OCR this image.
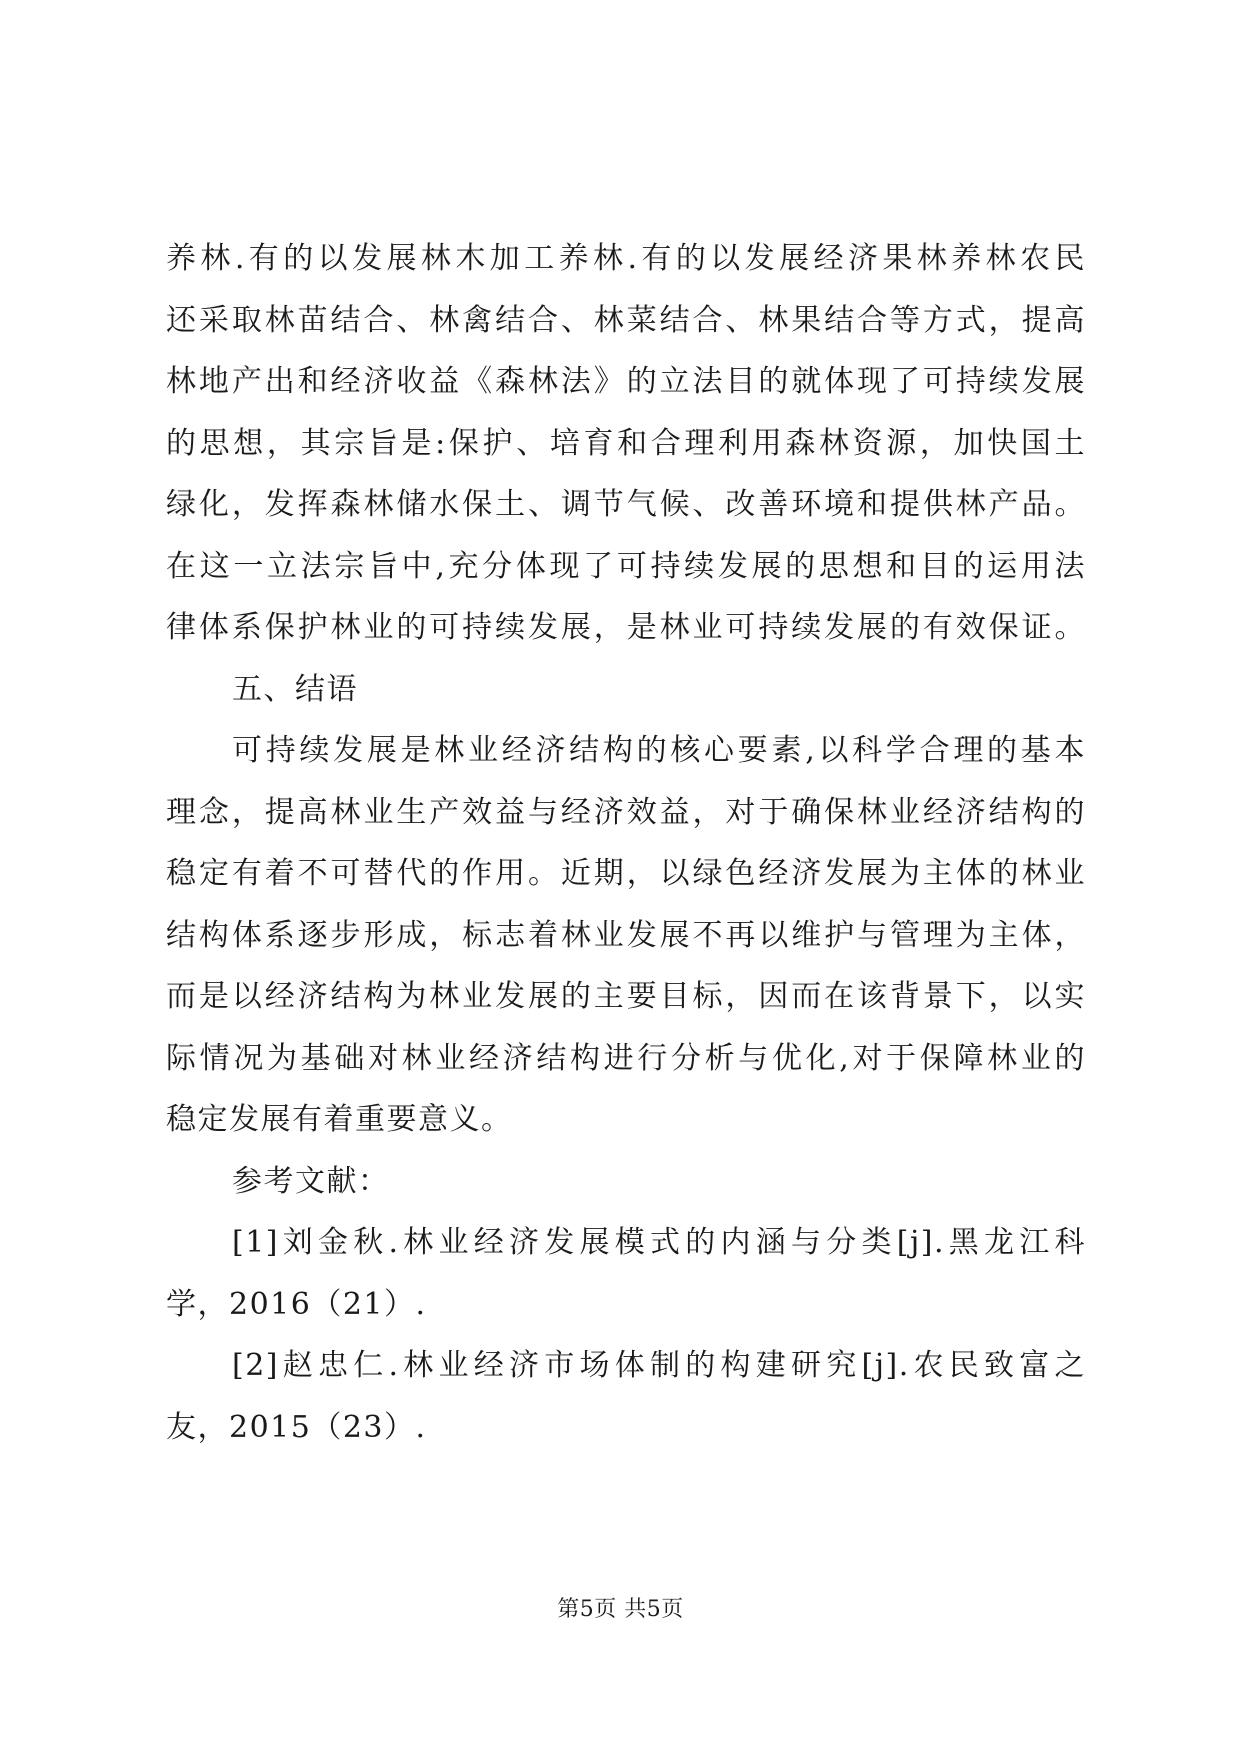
养林.有的以发展林木加工养林.有的以发展经济果林养林农民
还采取林苗结合、林禽结合、林菜结合、林果结合等方式，提高
林地产出和经济收益《森林法》的立法目的就体现了可持续发展
的思想，其宗旨是:保护、培育和合理利用森林资源，加快国土
绿化，发挥森林储水保土、调节气候、改善环境和提供林产品。
在这一立法宗旨中,充分体现了可持续发展的思想和目的运用法
律体系保护林业的可持续发展，是林业可持续发展的有效保证。
五、结语
可持续发展是林业经济结构的核心要素,以科学合理的基本
理念，提高林业生产效益与经济效益，对于确保林业经济结构的
稳定有着不可替代的作用。近期，以绿色经济发展为主体的林业
结构体系逐步形成，标志着林业发展不再以维护与管理为主体，
而是以经济结构为林业发展的主要目标，因而在该背景下，以实
际情况为基础对林业经济结构进行分析与优化,对于保障林业的
稳定发展有着重要意义。
参考文献：
[1]刘金秋.林业经济发展模式的内涵与分类[j].黑龙江科
学，2016（21）.
[2]赵忠仁.林业经济市场体制的构建研究[j].农民致富之
友，2015（23）.
第5页 共5页
